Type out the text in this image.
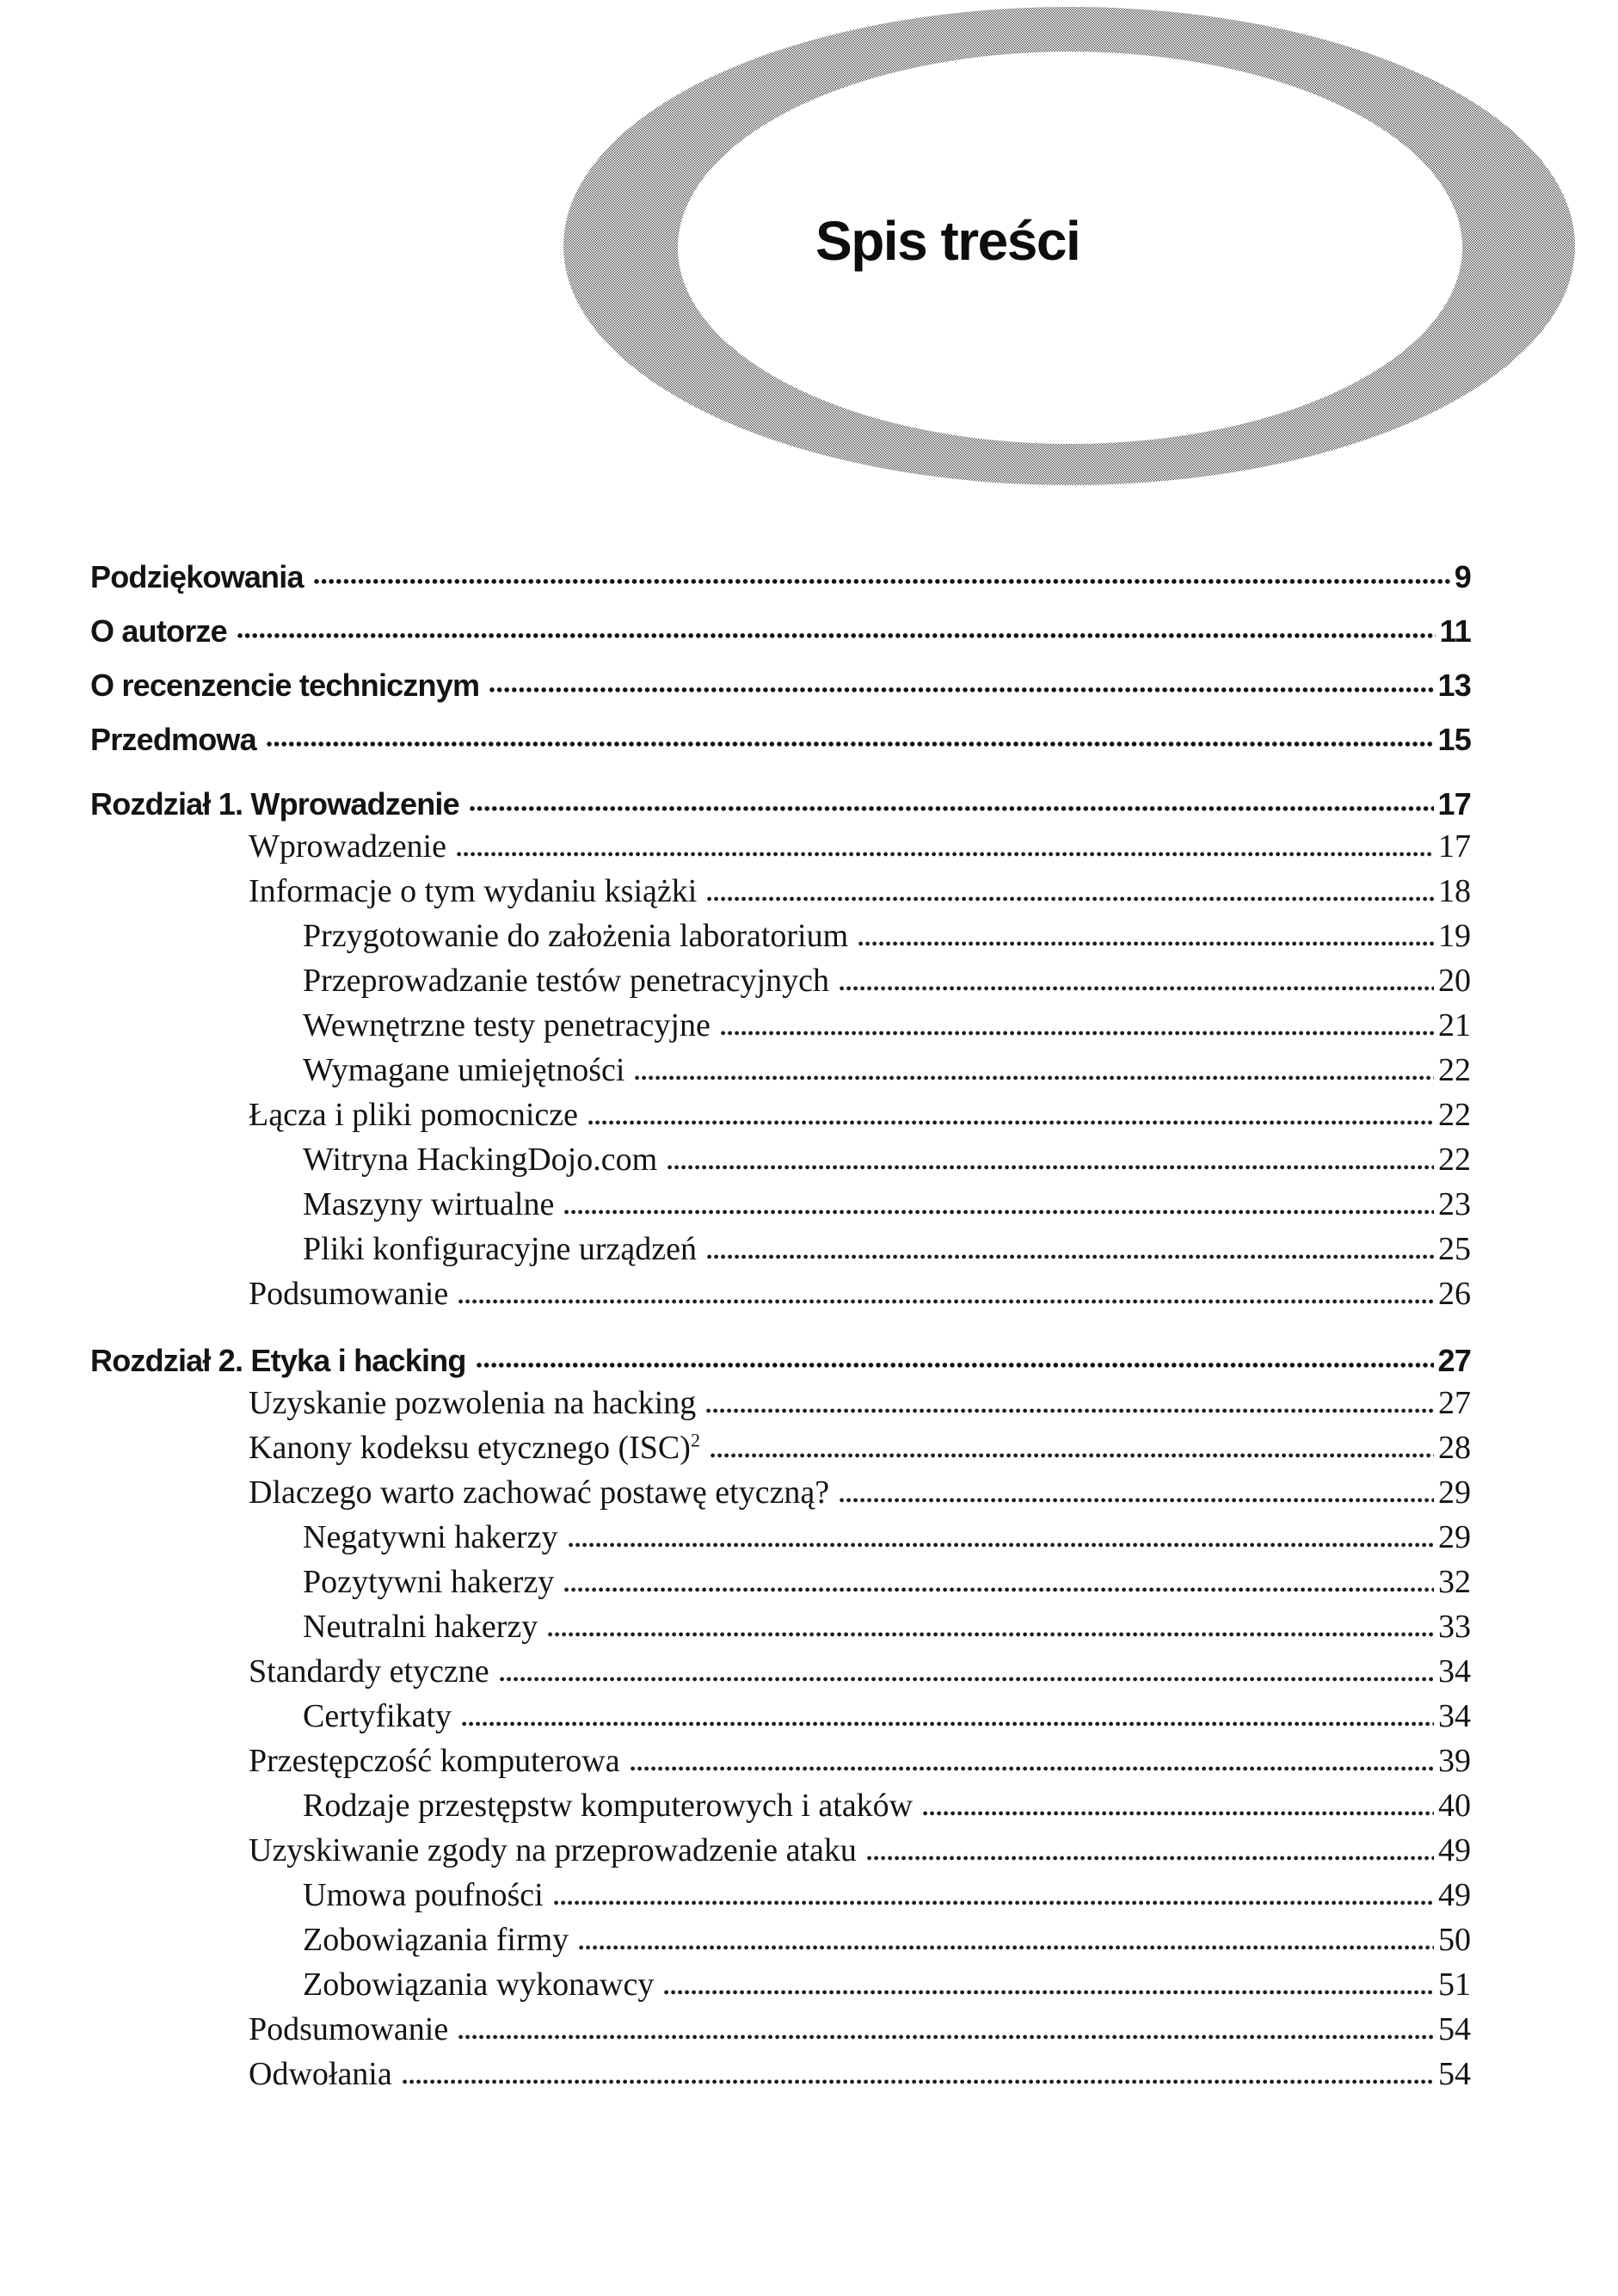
Spis treści
Podziękowania	9
O autorze	11
O recenzencie technicznym	13
Przedmowa	15
Rozdział 1. Wprowadzenie	17
Wprowadzenie	17
Informacje o tym wydaniu książki	18
Przygotowanie do założenia laboratorium	19
Przeprowadzanie testów penetracyjnych	20
Wewnętrzne testy penetracyjne	21
Wymagane umiejętności	22
Łącza i pliki pomocnicze	22
Witryna HackingDojo.com	22
Maszyny wirtualne	23
Pliki konfiguracyjne urządzeń	25
Podsumowanie	26
Rozdział 2. Etyka i hacking	27
Uzyskanie pozwolenia na hacking	27
Kanony kodeksu etycznego (ISC)$^2$	28
Dlaczego warto zachować postawę etyczną?	29
Negatywni hakerzy	29
Pozytywni hakerzy	32
Neutralni hakerzy	33
Standardy etyczne	34
Certyfikaty	34
Przestępczość komputerowa	39
Rodzaje przestępstw komputerowych i ataków	40
Uzyskiwanie zgody na przeprowadzenie ataku	49
Umowa poufności	49
Zobowiązania firmy	50
Zobowiązania wykonawcy	51
Podsumowanie	54
Odwołania	54
